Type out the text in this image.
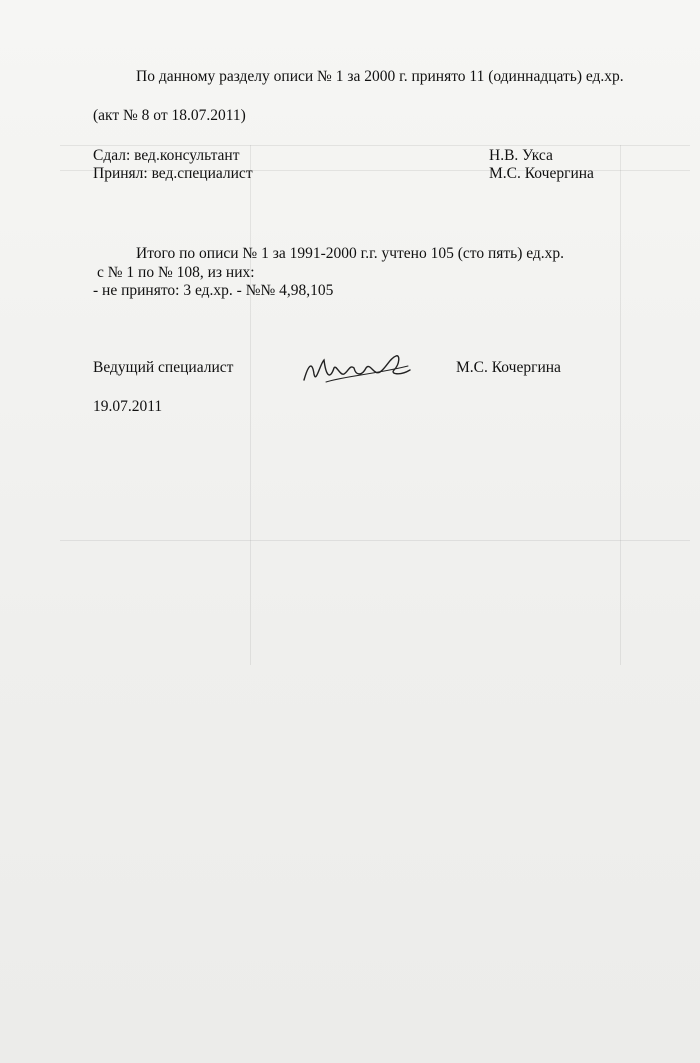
По данному разделу описи № 1 за 2000 г. принято 11 (одиннадцать) ед.хр.
(акт № 8 от 18.07.2011)
Сдал: вед.консультант	Н.В. Укса
Принял: вед.специалист	М.С. Кочергина
Итого по описи № 1 за 1991-2000 г.г. учтено 105 (сто пять) ед.хр.
с № 1 по № 108, из них:
- не принято: 3 ед.хр. - №№ 4,98,105
Ведущий специалист	М.С. Кочергина
19.07.2011
